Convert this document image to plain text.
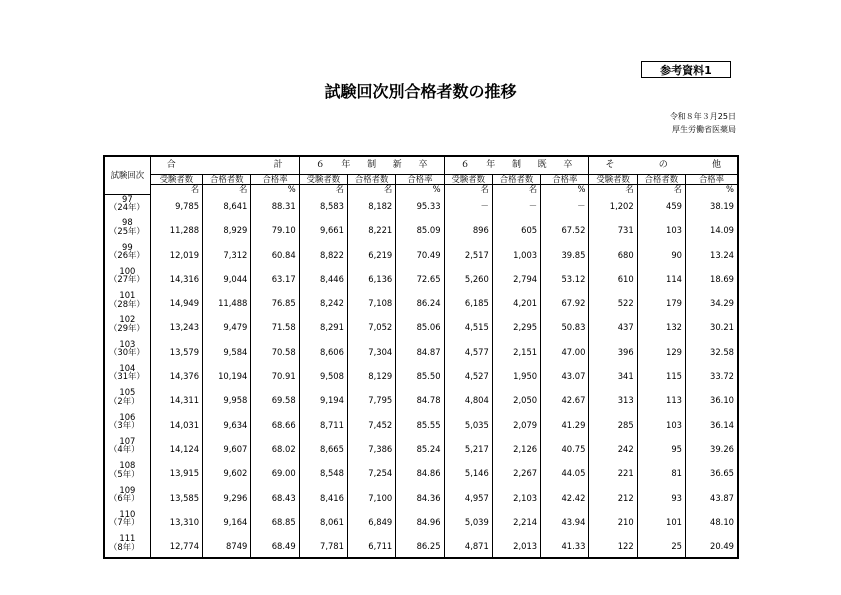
参考資料1
試験回次別合格者数の推移
令和８年３月25日
厚生労働省医薬局
試験回次	合 計			６ 年 制 新 卒			６ 年 制 既 卒			そ の 他		

	受験者数	合格者数	合格率	受験者数	合格者数	合格率	受験者数	合格者数	合格率	受験者数	合格者数	合格率
	名	名	%	名	名	%	名	名	%	名	名	%

97
（24年）	9,785	8,641	88.31	8,583	8,182	95.33	－	－	－	1,202	459	38.19

98
（25年）	11,288	8,929	79.10	9,661	8,221	85.09	896	605	67.52	731	103	14.09

99
（26年）	12,019	7,312	60.84	8,822	6,219	70.49	2,517	1,003	39.85	680	90	13.24

100
（27年）	14,316	9,044	63.17	8,446	6,136	72.65	5,260	2,794	53.12	610	114	18.69

101
（28年）	14,949	11,488	76.85	8,242	7,108	86.24	6,185	4,201	67.92	522	179	34.29

102
（29年）	13,243	9,479	71.58	8,291	7,052	85.06	4,515	2,295	50.83	437	132	30.21

103
（30年）	13,579	9,584	70.58	8,606	7,304	84.87	4,577	2,151	47.00	396	129	32.58

104
（31年）	14,376	10,194	70.91	9,508	8,129	85.50	4,527	1,950	43.07	341	115	33.72

105
（2年）	14,311	9,958	69.58	9,194	7,795	84.78	4,804	2,050	42.67	313	113	36.10

106
（3年）	14,031	9,634	68.66	8,711	7,452	85.55	5,035	2,079	41.29	285	103	36.14

107
（4年）	14,124	9,607	68.02	8,665	7,386	85.24	5,217	2,126	40.75	242	95	39.26

108
（5年）	13,915	9,602	69.00	8,548	7,254	84.86	5,146	2,267	44.05	221	81	36.65

109
（6年）	13,585	9,296	68.43	8,416	7,100	84.36	4,957	2,103	42.42	212	93	43.87

110
（7年）	13,310	9,164	68.85	8,061	6,849	84.96	5,039	2,214	43.94	210	101	48.10

111
（8年）	12,774	8749	68.49	7,781	6,711	86.25	4,871	2,013	41.33	122	25	20.49
